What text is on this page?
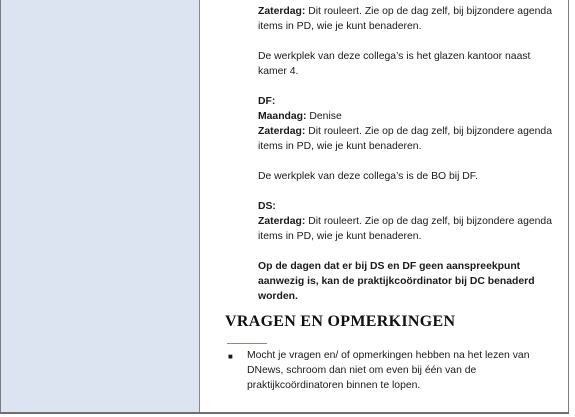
Zaterdag: Dit rouleert. Zie op de dag zelf, bij bijzondere agenda items in PD, wie je kunt benaderen.

De werkplek van deze collega’s is het glazen kantoor naast kamer 4.

DF:
Maandag: Denise
Zaterdag: Dit rouleert. Zie op de dag zelf, bij bijzondere agenda items in PD, wie je kunt benaderen.

De werkplek van deze collega’s is de BO bij DF.

DS:
Zaterdag: Dit rouleert. Zie op de dag zelf, bij bijzondere agenda items in PD, wie je kunt benaderen.

Op de dagen dat er bij DS en DF geen aanspreekpunt aanwezig is, kan de praktijkcoördinator bij DC benaderd worden.

VRAGEN EN OPMERKINGEN
■ Mocht je vragen en/ of opmerkingen hebben na het lezen van DNews, schroom dan niet om even bij één van de praktijkcoördinatoren binnen te lopen.
